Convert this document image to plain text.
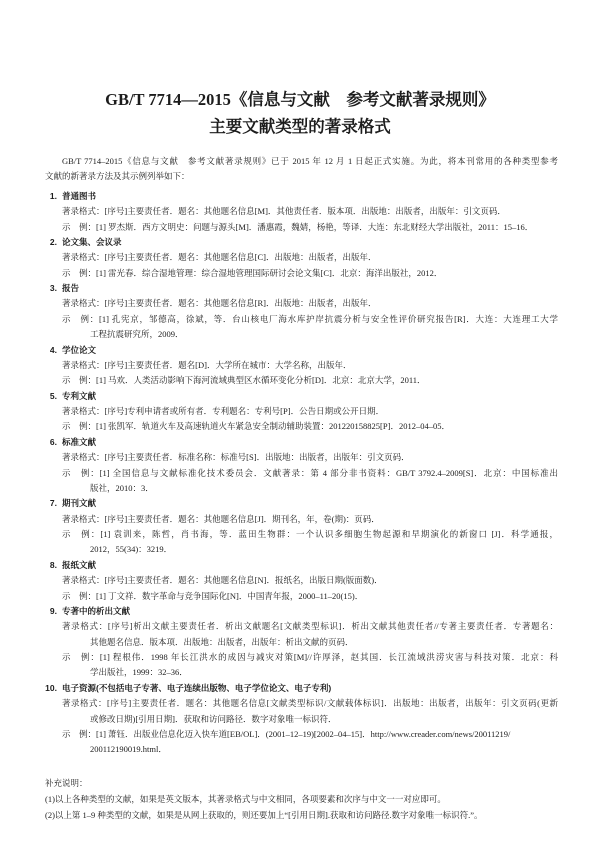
GB/T 7714—2015《信息与文献　参考文献著录规则》
主要文献类型的著录格式
GB/T 7714–2015《信息与文献　参考文献著录规则》已于 2015 年 12 月 1 日起正式实施。为此，将本刊常用的各种类型参考
文献的新著录方法及其示例列举如下：
1. 普通图书
著录格式：[序号]主要责任者．题名：其他题名信息[M]．其他责任者．版本项．出版地：出版者，出版年：引文页码．
示　例：[1] 罗杰斯．西方文明史：问题与源头[M]．潘惠霞，魏婧，杨艳，等译．大连：东北财经大学出版社，2011：15–16．
2. 论文集、会议录
著录格式：[序号]主要责任者．题名：其他题名信息[C]．出版地：出版者，出版年．
示　例：[1] 雷光春．综合湿地管理：综合湿地管理国际研讨会论文集[C]．北京：海洋出版社，2012．
3. 报告
著录格式：[序号]主要责任者．题名：其他题名信息[R]．出版地：出版者，出版年．
示　例：[1] 孔宪京，邹德高，徐斌，等．台山核电厂海水库护岸抗震分析与安全性评价研究报告[R]．大连：大连理工大学
工程抗震研究所，2009．
4. 学位论文
著录格式：[序号]主要责任者．题名[D]．大学所在城市：大学名称，出版年．
示　例：[1] 马欢．人类活动影响下海河流域典型区水循环变化分析[D]．北京：北京大学，2011．
5. 专利文献
著录格式：[序号]专利申请者或所有者．专利题名：专利号[P]．公告日期或公开日期．
示　例：[1] 张凯军．轨道火车及高速轨道火车紧急安全制动辅助装置：201220158825[P]．2012–04–05．
6. 标准文献
著录格式：[序号]主要责任者．标准名称：标准号[S]．出版地：出版者，出版年：引文页码．
示　例：[1] 全国信息与文献标准化技术委员会．文献著录：第 4 部分非书资料：GB/T 3792.4–2009[S]．北京：中国标准出
版社，2010：3．
7. 期刊文献
著录格式：[序号]主要责任者．题名：其他题名信息[J]．期刊名，年，卷(期)：页码．
示　例：[1] 袁训来，陈哲，肖书海，等．蓝田生物群：一个认识多细胞生物起源和早期演化的新窗口 [J]．科学通报，
2012，55(34)：3219．
8. 报纸文献
著录格式：[序号]主要责任者．题名：其他题名信息[N]．报纸名，出版日期(版面数)．
示　例：[1] 丁文祥．数字革命与竞争国际化[N]．中国青年报，2000–11–20(15)．
9. 专著中的析出文献
著录格式：[序号]析出文献主要责任者．析出文献题名[文献类型标识]．析出文献其他责任者//专著主要责任者．专著题名：
其他题名信息．版本项．出版地：出版者，出版年：析出文献的页码．
示　例：[1] 程根伟．1998 年长江洪水的成因与减灾对策[M]//许厚泽，赵其国．长江流域洪涝灾害与科技对策．北京：科
学出版社，1999：32–36．
10. 电子资源(不包括电子专著、电子连续出版物、电子学位论文、电子专利)
著录格式：[序号]主要责任者．题名：其他题名信息[文献类型标识/文献载体标识]．出版地：出版者，出版年：引文页码(更新
或修改日期)[引用日期]．获取和访问路径．数字对象唯一标识符．
示　例：[1] 萧钰．出版业信息化迈入快车道[EB/OL]．(2001–12–19)[2002–04–15]．http://www.creader.com/news/20011219/
200112190019.html．
补充说明：
(1)以上各种类型的文献，如果是英文版本，其著录格式与中文相同，各项要素和次序与中文一一对应即可。
(2)以上第 1–9 种类型的文献，如果是从网上获取的，则还要加上“[引用日期].获取和访问路径.数字对象唯一标识符.”。
